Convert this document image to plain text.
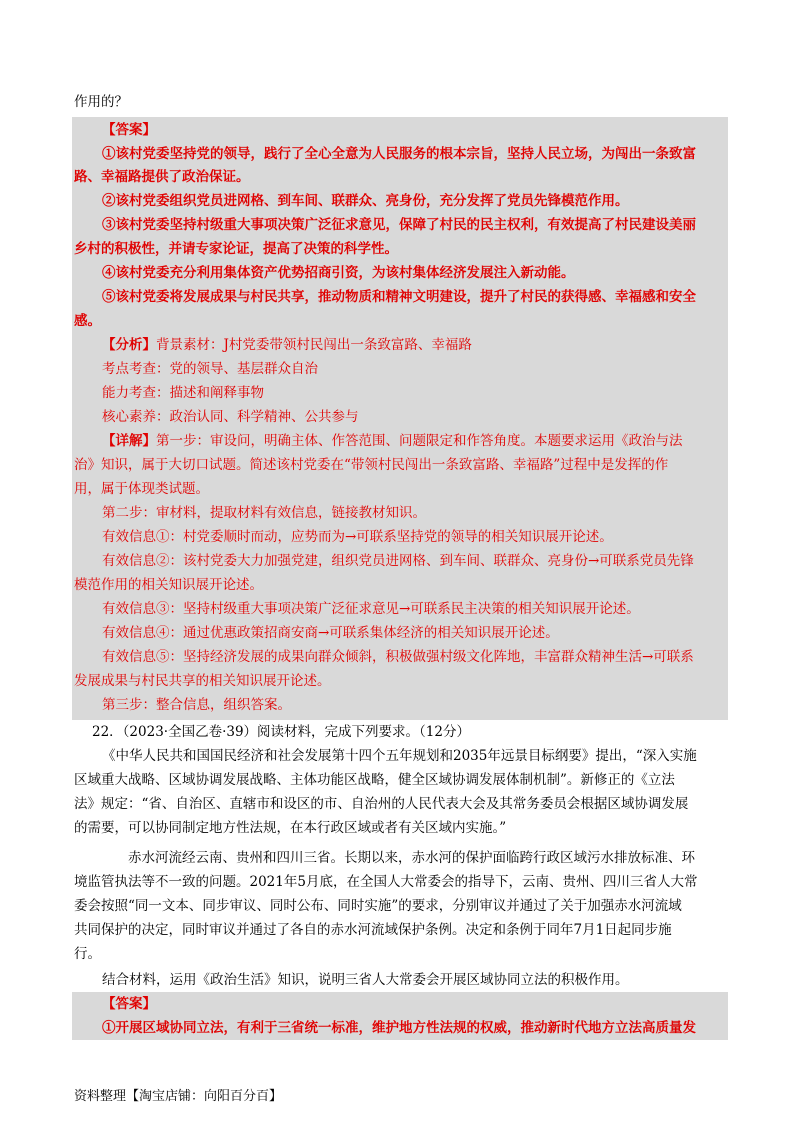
作用的？
【答案】
①该村党委坚持党的领导，践行了全心全意为人民服务的根本宗旨，坚持人民立场，为闯出一条致富
路、幸福路提供了政治保证。
②该村党委组织党员进网格、到车间、联群众、亮身份，充分发挥了党员先锋模范作用。
③该村党委坚持村级重大事项决策广泛征求意见，保障了村民的民主权利，有效提高了村民建设美丽
乡村的积极性，并请专家论证，提高了决策的科学性。
④该村党委充分利用集体资产优势招商引资，为该村集体经济发展注入新动能。
⑤该村党委将发展成果与村民共享，推动物质和精神文明建设，提升了村民的获得感、幸福感和安全
感。
【分析】背景素材：J村党委带领村民闯出一条致富路、幸福路
考点考查：党的领导、基层群众自治
能力考查：描述和阐释事物
核心素养：政治认同、科学精神、公共参与
【详解】第一步：审设问，明确主体、作答范围、问题限定和作答角度。本题要求运用《政治与法
治》知识，属于大切口试题。简述该村党委在“带领村民闯出一条致富路、幸福路”过程中是发挥的作
用，属于体现类试题。
第二步：审材料，提取材料有效信息，链接教材知识。
有效信息①：村党委顺时而动，应势而为→可联系坚持党的领导的相关知识展开论述。
有效信息②：该村党委大力加强党建，组织党员进网格、到车间、联群众、亮身份→可联系党员先锋
模范作用的相关知识展开论述。
有效信息③：坚持村级重大事项决策广泛征求意见→可联系民主决策的相关知识展开论述。
有效信息④：通过优惠政策招商安商→可联系集体经济的相关知识展开论述。
有效信息⑤：坚持经济发展的成果向群众倾斜，积极做强村级文化阵地，丰富群众精神生活→可联系
发展成果与村民共享的相关知识展开论述。
第三步：整合信息，组织答案。
22．（2023·全国乙卷·39）阅读材料，完成下列要求。（12分）
《中华人民共和国国民经济和社会发展第十四个五年规划和2035年远景目标纲要》提出，“深入实施
区域重大战略、区域协调发展战略、主体功能区战略，健全区域协调发展体制机制”。新修正的《立法
法》规定：“省、自治区、直辖市和设区的市、自治州的人民代表大会及其常务委员会根据区域协调发展
的需要，可以协同制定地方性法规，在本行政区域或者有关区域内实施。”
赤水河流经云南、贵州和四川三省。长期以来，赤水河的保护面临跨行政区域污水排放标准、环
境监管执法等不一致的问题。2021年5月底，在全国人大常委会的指导下，云南、贵州、四川三省人大常
委会按照“同一文本、同步审议、同时公布、同时实施”的要求，分别审议并通过了关于加强赤水河流域
共同保护的决定，同时审议并通过了各自的赤水河流域保护条例。决定和条例于同年7月1日起同步施
行。
结合材料，运用《政治生活》知识，说明三省人大常委会开展区域协同立法的积极作用。
【答案】
①开展区域协同立法，有利于三省统一标准，维护地方性法规的权威，推动新时代地方立法高质量发
资料整理【淘宝店铺：向阳百分百】
